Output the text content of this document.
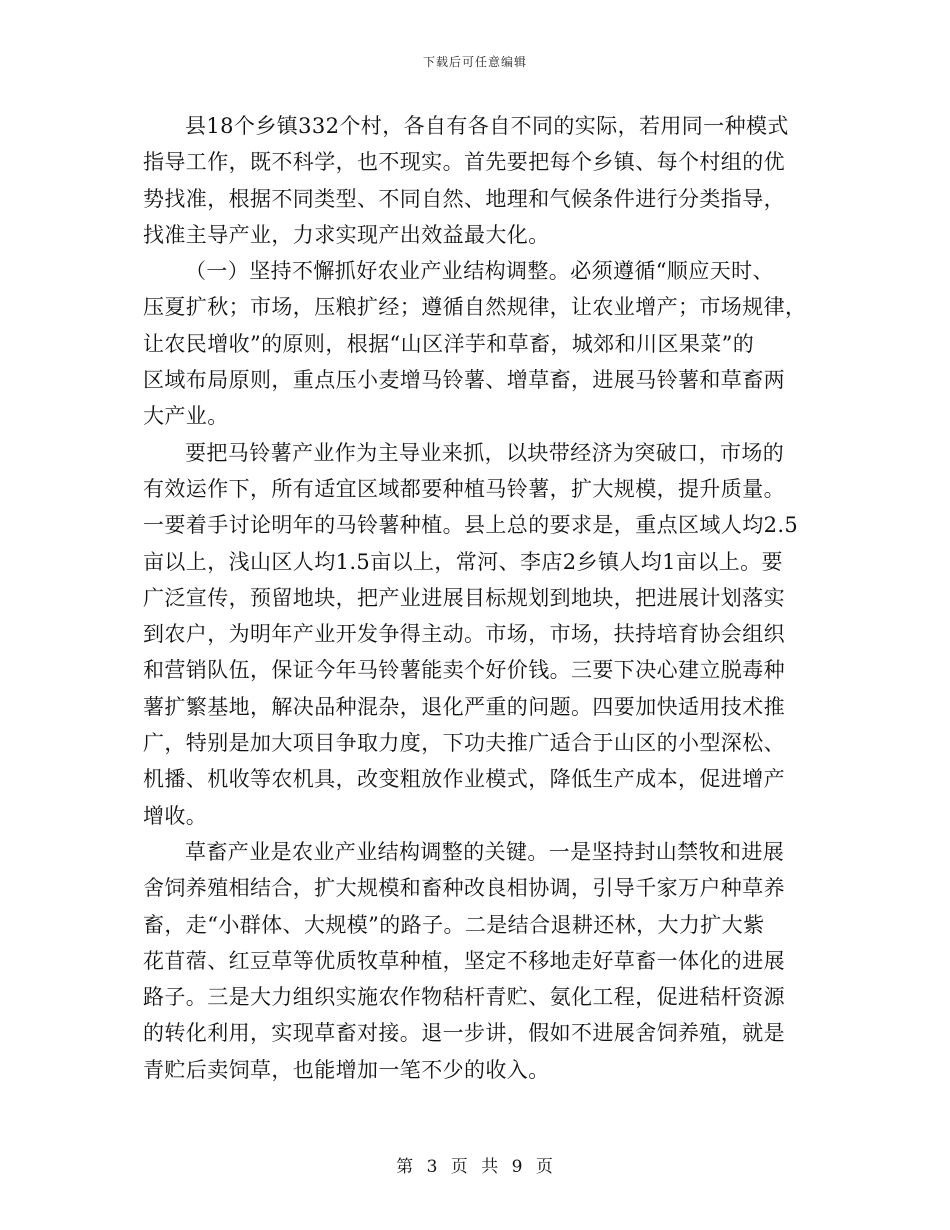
下载后可任意编辑
县18个乡镇332个村，各自有各自不同的实际，若用同一种模式
指导工作，既不科学，也不现实。首先要把每个乡镇、每个村组的优
势找准，根据不同类型、不同自然、地理和气候条件进行分类指导，
找准主导产业，力求实现产出效益最大化。
（一）坚持不懈抓好农业产业结构调整。必须遵循“顺应天时、
压夏扩秋；市场，压粮扩经；遵循自然规律，让农业增产；市场规律，
让农民增收”的原则，根据“山区洋芋和草畜，城郊和川区果菜”的
区域布局原则，重点压小麦增马铃薯、增草畜，进展马铃薯和草畜两
大产业。
要把马铃薯产业作为主导业来抓，以块带经济为突破口，市场的
有效运作下，所有适宜区域都要种植马铃薯，扩大规模，提升质量。
一要着手讨论明年的马铃薯种植。县上总的要求是，重点区域人均2.5
亩以上，浅山区人均1.5亩以上，常河、李店2乡镇人均1亩以上。要
广泛宣传，预留地块，把产业进展目标规划到地块，把进展计划落实
到农户，为明年产业开发争得主动。市场，市场，扶持培育协会组织
和营销队伍，保证今年马铃薯能卖个好价钱。三要下决心建立脱毒种
薯扩繁基地，解决品种混杂，退化严重的问题。四要加快适用技术推
广，特别是加大项目争取力度，下功夫推广适合于山区的小型深松、
机播、机收等农机具，改变粗放作业模式，降低生产成本，促进增产
增收。
草畜产业是农业产业结构调整的关键。一是坚持封山禁牧和进展
舍饲养殖相结合，扩大规模和畜种改良相协调，引导千家万户种草养
畜，走“小群体、大规模”的路子。二是结合退耕还林，大力扩大紫
花苜蓿、红豆草等优质牧草种植，坚定不移地走好草畜一体化的进展
路子。三是大力组织实施农作物秸杆青贮、氨化工程，促进秸杆资源
的转化利用，实现草畜对接。退一步讲，假如不进展舍饲养殖，就是
青贮后卖饲草，也能增加一笔不少的收入。
第 3 页 共 9 页
